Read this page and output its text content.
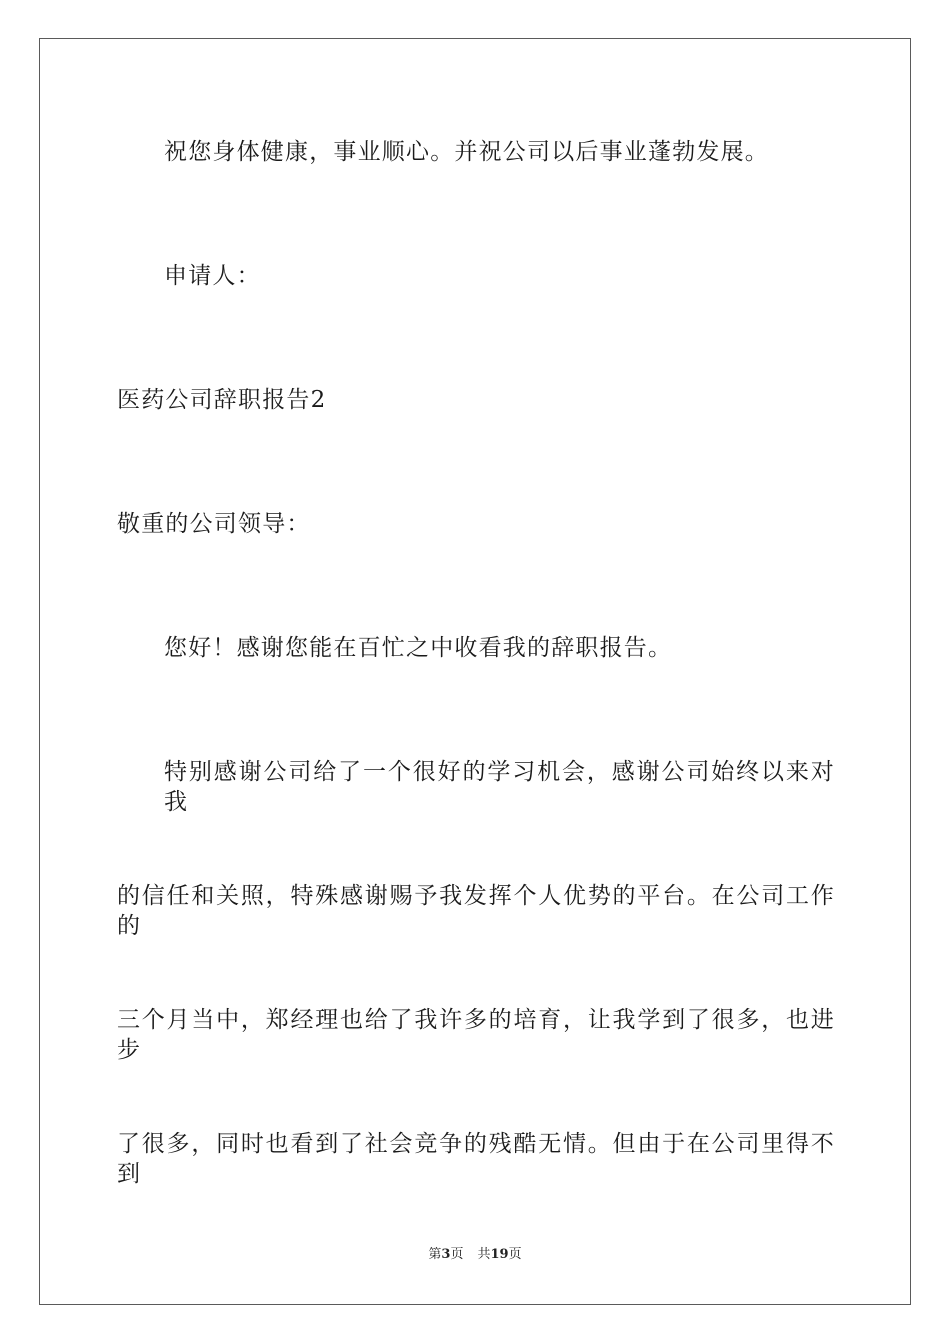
祝您身体健康，事业顺心。并祝公司以后事业蓬勃发展。
申请人：
医药公司辞职报告2
敬重的公司领导：
您好！感谢您能在百忙之中收看我的辞职报告。
特别感谢公司给了一个很好的学习机会，感谢公司始终以来对我
的信任和关照，特殊感谢赐予我发挥个人优势的平台。在公司工作的
三个月当中，郑经理也给了我许多的培育，让我学到了很多，也进步
了很多，同时也看到了社会竞争的残酷无情。但由于在公司里得不到
第3页 共19页
